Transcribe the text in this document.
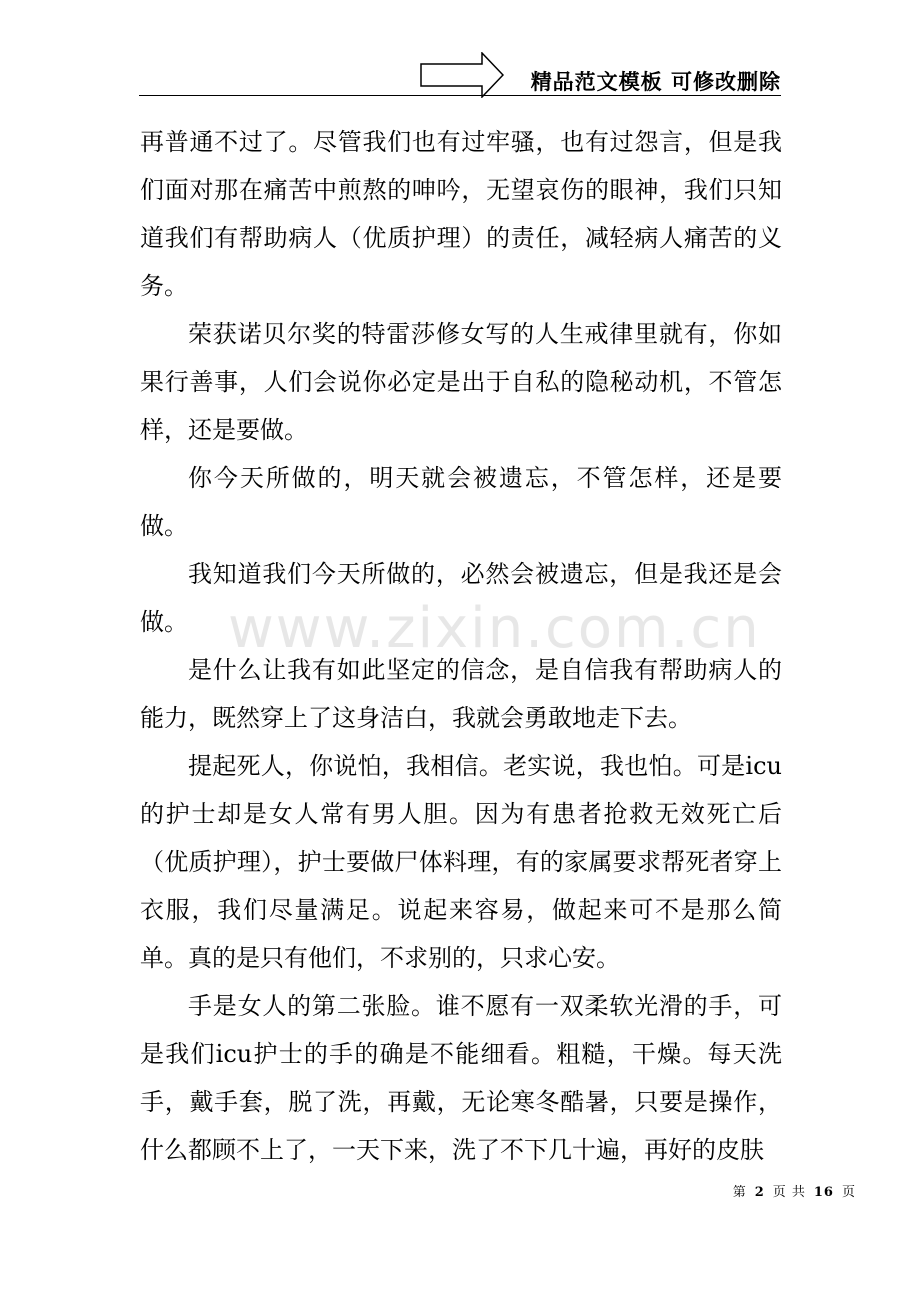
精品范文模板 可修改删除

再普通不过了。尽管我们也有过牢骚，也有过怨言，但是我们面对那在痛苦中煎熬的呻吟，无望哀伤的眼神，我们只知道我们有帮助病人（优质护理）的责任，减轻病人痛苦的义务。

荣获诺贝尔奖的特雷莎修女写的人生戒律里就有，你如果行善事，人们会说你必定是出于自私的隐秘动机，不管怎样，还是要做。

你今天所做的，明天就会被遗忘，不管怎样，还是要做。

我知道我们今天所做的，必然会被遗忘，但是我还是会做。

是什么让我有如此坚定的信念，是自信我有帮助病人的能力，既然穿上了这身洁白，我就会勇敢地走下去。

提起死人，你说怕，我相信。老实说，我也怕。可是icu的护士却是女人常有男人胆。因为有患者抢救无效死亡后（优质护理），护士要做尸体料理，有的家属要求帮死者穿上衣服，我们尽量满足。说起来容易，做起来可不是那么简单。真的是只有他们，不求别的，只求心安。

手是女人的第二张脸。谁不愿有一双柔软光滑的手，可是我们icu护士的手的确是不能细看。粗糙，干燥。每天洗手，戴手套，脱了洗，再戴，无论寒冬酷暑，只要是操作，什么都顾不上了，一天下来，洗了不下几十遍，再好的皮肤

www.zixin.com.cn
第 2 页 共 16 页
